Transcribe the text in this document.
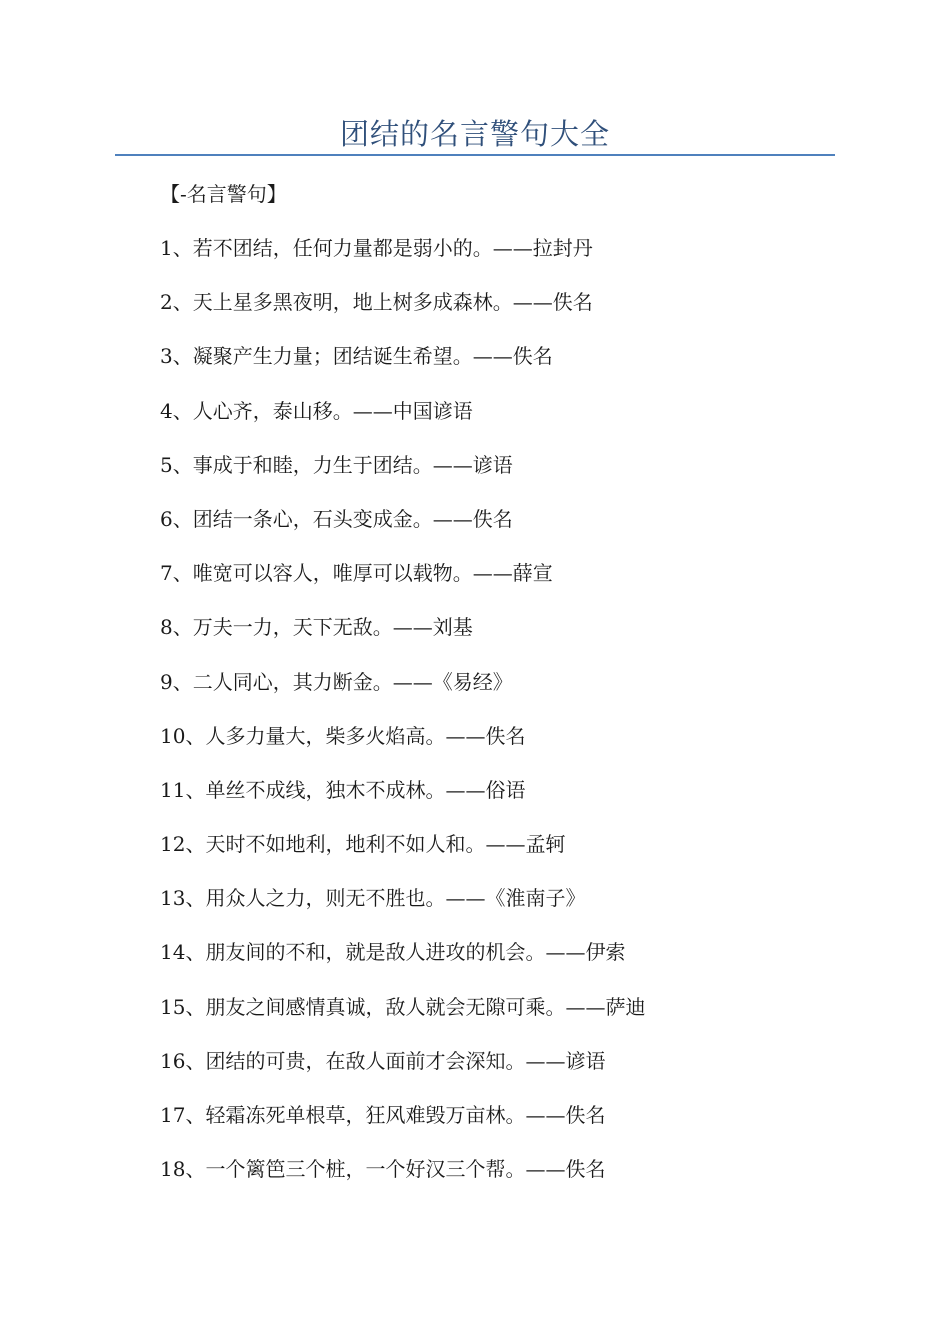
团结的名言警句大全
【-名言警句】
1、若不团结，任何力量都是弱小的。——拉封丹
2、天上星多黑夜明，地上树多成森林。——佚名
3、凝聚产生力量；团结诞生希望。——佚名
4、人心齐，泰山移。——中国谚语
5、事成于和睦，力生于团结。——谚语
6、团结一条心，石头变成金。——佚名
7、唯宽可以容人，唯厚可以载物。——薛宣
8、万夫一力，天下无敌。——刘基
9、二人同心，其力断金。——《易经》
10、人多力量大，柴多火焰高。——佚名
11、单丝不成线，独木不成林。——俗语
12、天时不如地利，地利不如人和。——孟轲
13、用众人之力，则无不胜也。——《淮南子》
14、朋友间的不和，就是敌人进攻的机会。——伊索
15、朋友之间感情真诚，敌人就会无隙可乘。——萨迪
16、团结的可贵，在敌人面前才会深知。——谚语
17、轻霜冻死单根草，狂风难毁万亩林。——佚名
18、一个篱笆三个桩，一个好汉三个帮。——佚名
